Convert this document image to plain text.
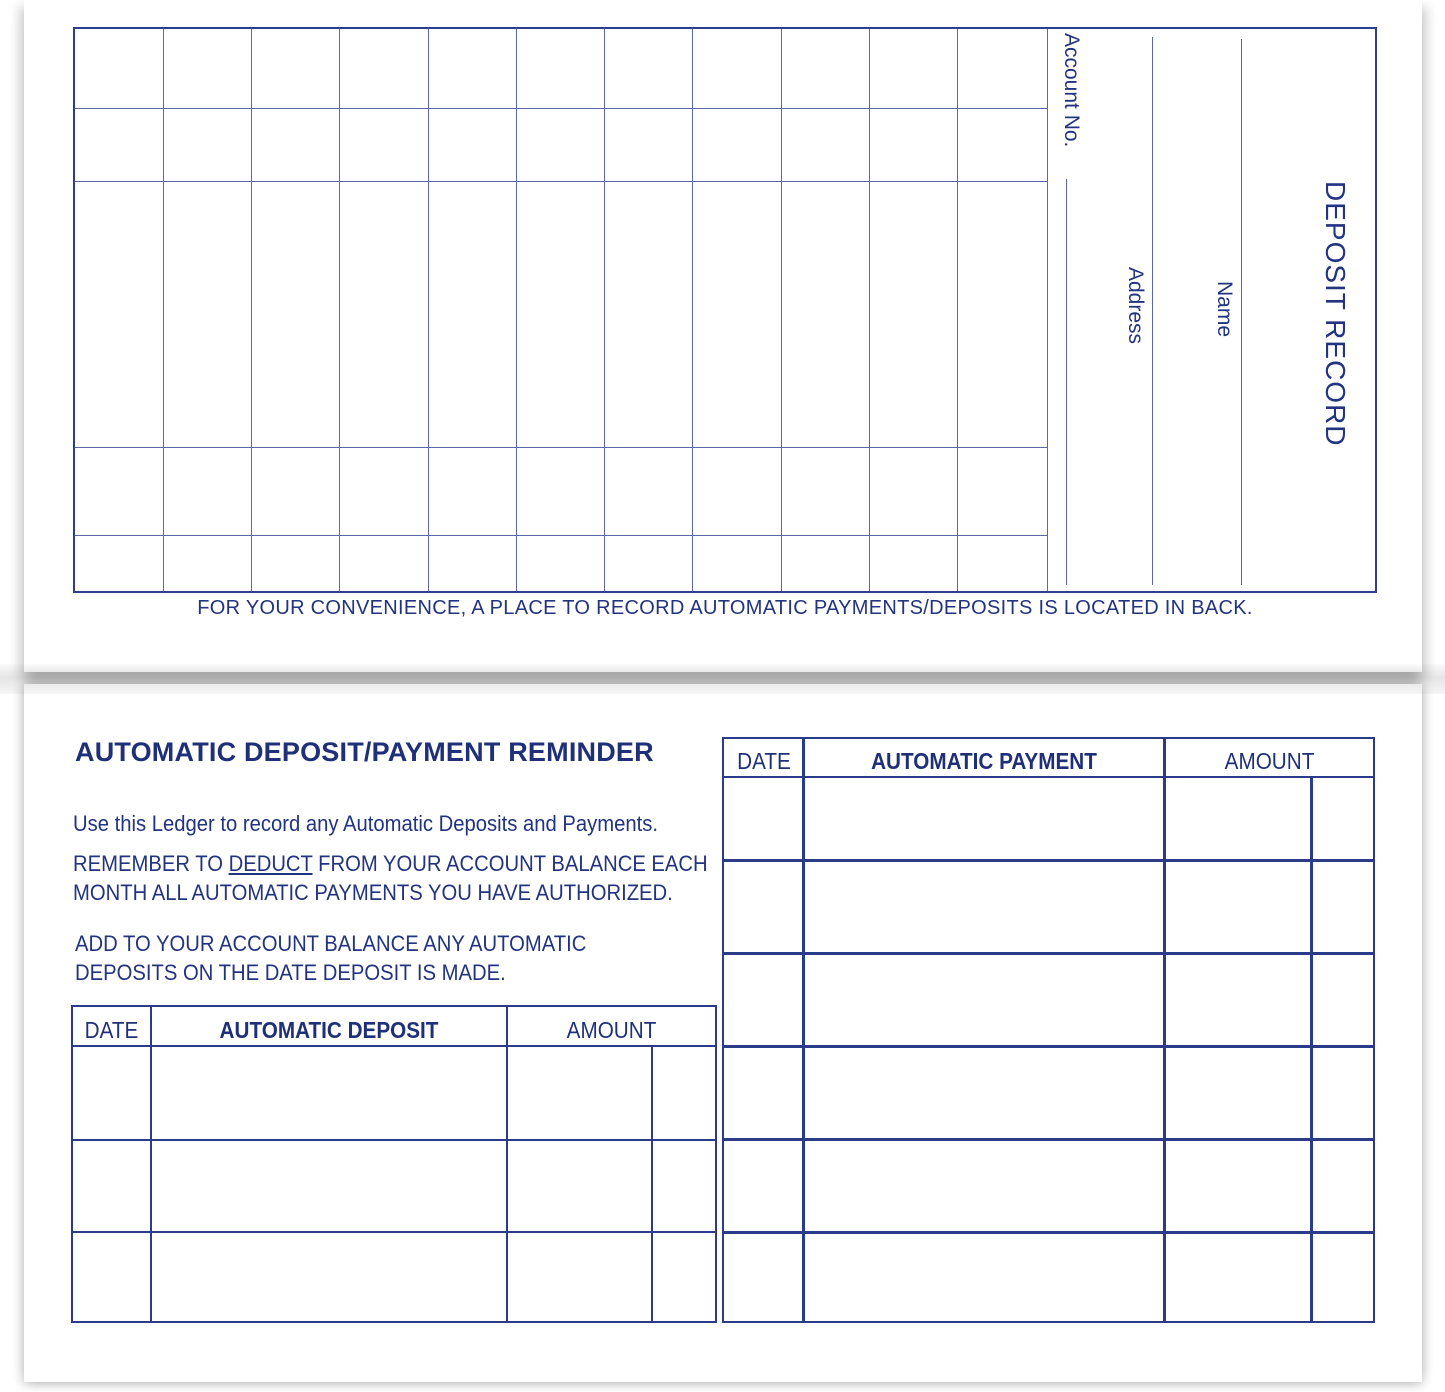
Account No.
Address	Name	DEPOSIT RECORD
FOR YOUR CONVENIENCE, A PLACE TO RECORD AUTOMATIC PAYMENTS/DEPOSITS IS LOCATED IN BACK.
AUTOMATIC DEPOSIT/PAYMENT REMINDER
Use this Ledger to record any Automatic Deposits and Payments.
REMEMBER TO DEDUCT FROM YOUR ACCOUNT BALANCE EACH
MONTH ALL AUTOMATIC PAYMENTS YOU HAVE AUTHORIZED.
ADD TO YOUR ACCOUNT BALANCE ANY AUTOMATIC
DEPOSITS ON THE DATE DEPOSIT IS MADE.
DATE	AUTOMATIC DEPOSIT	AMOUNT
DATE	AUTOMATIC PAYMENT	AMOUNT
